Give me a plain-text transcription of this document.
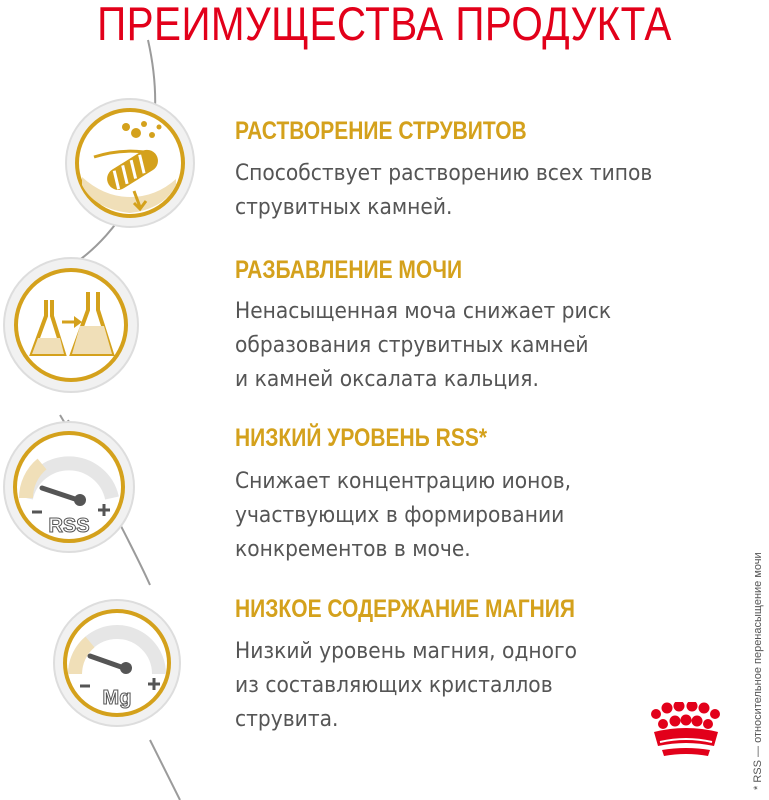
ПРЕИМУЩЕСТВА ПРОДУКТА
RSS
Mg
РАСТВОРЕНИЕ СТРУВИТОВ

Способствует растворению всех типов

струвитных камней.

РАЗБАВЛЕНИЕ МОЧИ

Ненасыщенная моча снижает риск

образования струвитных камней

и камней оксалата кальция.

НИЗКИЙ УРОВЕНЬ RSS*

Снижает концентрацию ионов,

участвующих в формировании

конкрементов в моче.

НИЗКОЕ СОДЕРЖАНИЕ МАГНИЯ

Низкий уровень магния, одного

из составляющих кристаллов

струвита.	* RSS — относительное перенасыщение мочи
